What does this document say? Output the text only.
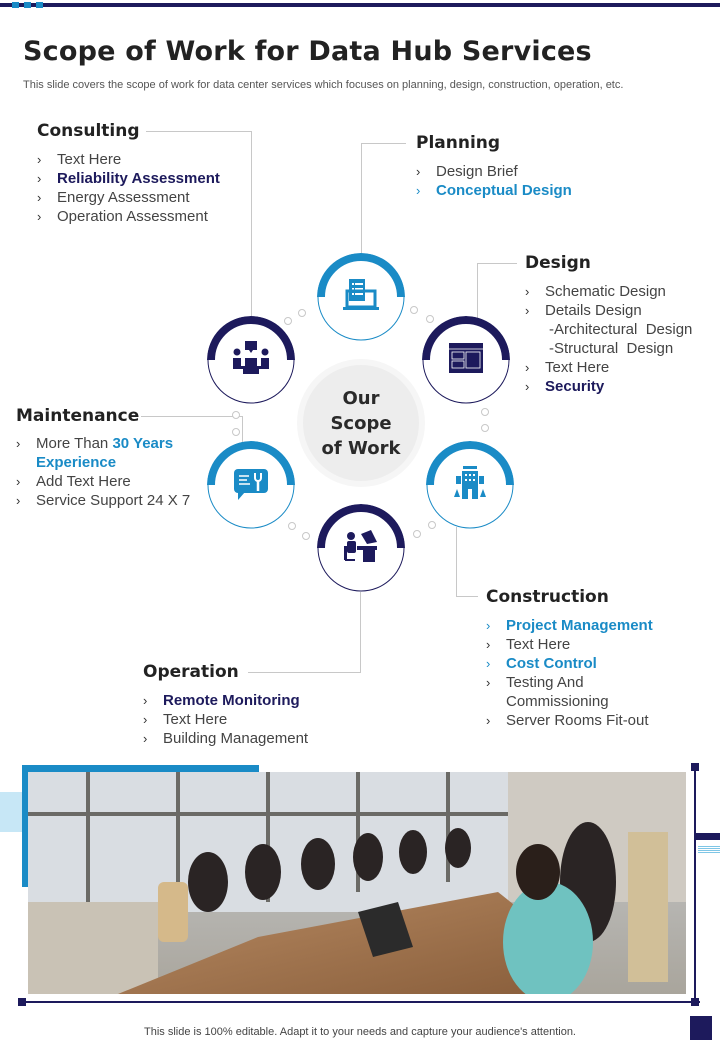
Scope of Work for Data Hub Services

This slide covers the scope of work for data center services which focuses on planning, design, construction, operation, etc.

Our
Scope
of Work
Consulting
› Text Here
› Reliability Assessment
› Energy Assessment
› Operation Assessment
Planning
› Design Brief
› Conceptual Design
Design
› Schematic Design
› Details Design
-Architectural  Design
-Structural  Design
› Text Here
› Security
Maintenance
› More Than 30 Years
Experience
› Add Text Here
› Service Support 24 X 7
Construction
› Project Management
› Text Here
› Cost Control
› Testing And
Commissioning
› Server Rooms Fit-out
Operation
› Remote Monitoring
› Text Here
› Building Management
This slide is 100% editable. Adapt it to your needs and capture your audience's attention.
